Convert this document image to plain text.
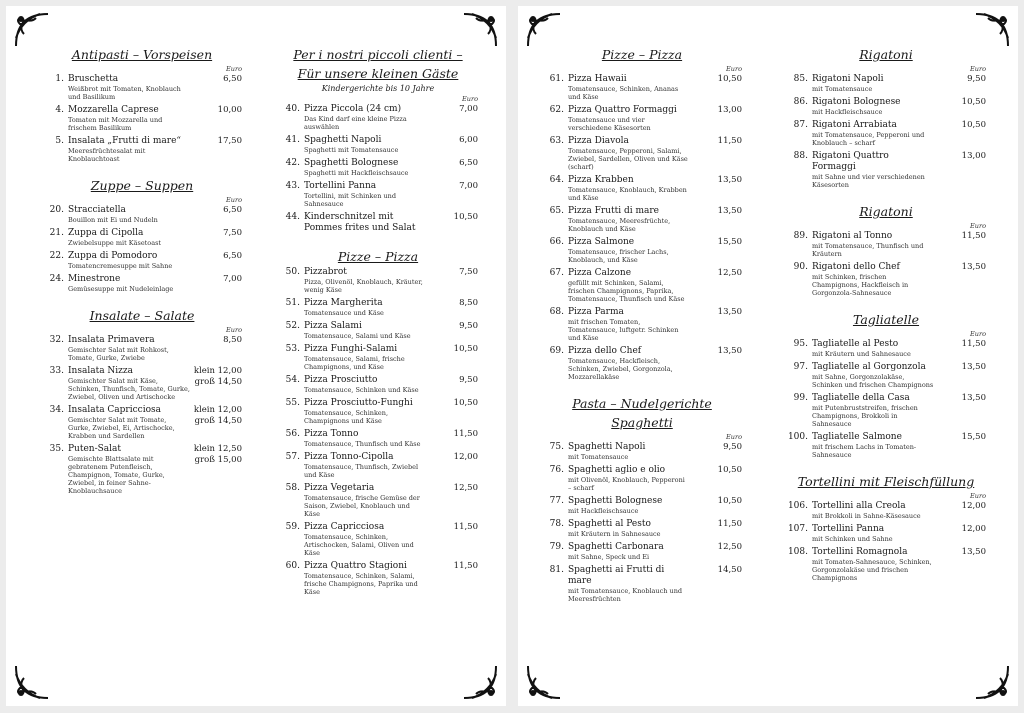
Antipasti – Vorspeisen
Euro
1. Bruschetta	6,50
Weißbrot mit Tomaten, Knoblauch und Basilikum
4. Mozzarella Caprese	10,00
Tomaten mit Mozzarella und frischem Basilikum
5. Insalata „Frutti di mare“	17,50
Meeresfrüchtesalat mit Knoblauchtoast
Zuppe – Suppen
Euro
20. Stracciatella	6,50
Bouillon mit Ei und Nudeln
21. Zuppa di Cipolla	7,50
Zwiebelsuppe mit Käsetoast
22. Zuppa di Pomodoro	6,50
Tomatencremesuppe mit Sahne
24. Minestrone	7,00
Gemüsesuppe mit Nudeleinlage
Insalate – Salate
Euro
32. Insalata Primavera	8,50
Gemischter Salat mit Rohkost, Tomate, Gurke, Zwiebe
33. Insalata Nizza	klein 12,00
groß 14,50
Gemischter Salat mit Käse, Schinken, Thunfisch, Tomate, Gurke, Zwiebel, Oliven und Artischocke
34. Insalata Capricciosa	klein 12,00
groß 14,50
Gemischter Salat mit Tomate, Gurke, Zwiebel, Ei, Artischocke, Krabben und Sardellen
35. Puten-Salat	klein 12,50
groß 15,00
Gemischte Blattsalate mit gebratenem Putenfleisch, Champignon, Tomate, Gurke, Zwiebel, in feiner Sahne-Knoblauchsauce
Per i nostri piccoli clienti –
Für unsere kleinen Gäste
Kindergerichte bis 10 Jahre
Euro
40. Pizza Piccola (24 cm)	7,00
Das Kind darf eine kleine Pizza auswählen
41. Spaghetti Napoli	6,00
Spaghetti mit Tomatensauce
42. Spaghetti Bolognese	6,50
Spaghetti mit Hackfleischsauce
43. Tortellini Panna	7,00
Tortellini, mit Schinken und Sahnesauce
44. Kinderschnitzel mit Pommes frites und Salat
10,50
Pizze – Pizza
50. Pizzabrot	7,50
Pizza, Olivenöl, Knoblauch, Kräuter, wenig Käse
51. Pizza Margherita	8,50
Tomatensauce und Käse
52. Pizza Salami	9,50
Tomatensauce, Salami und Käse
53. Pizza Funghi-Salami	10,50
Tomatensauce, Salami, frische Champignons, und Käse
54. Pizza Prosciutto	9,50
Tomatensauce, Schinken und Käse
55. Pizza Prosciutto-Funghi	10,50
Tomatensauce, Schinken, Champignons und Käse
56. Pizza Tonno	11,50
Tomatensauce, Thunfisch und Käse
57. Pizza Tonno-Cipolla	12,00
Tomatensauce, Thunfisch, Zwiebel und Käse
58. Pizza Vegetaria	12,50
Tomatensauce, frische Gemüse der Saison, Zwiebel, Knoblauch und Käse
59. Pizza Capricciosa	11,50
Tomatensauce, Schinken, Artischocken, Salami, Oliven und Käse
60. Pizza Quattro Stagioni	11,50
Tomatensauce, Schinken, Salami, frische Champignons, Paprika und Käse
Pizze – Pizza
Euro
61. Pizza Hawaii	10,50
Tomatensauce, Schinken, Ananas und Käse
62. Pizza Quattro Formaggi	13,00
Tomatensauce und vier verschiedene Käsesorten
63. Pizza Diavola	11,50
Tomatensauce, Pepperoni, Salami, Zwiebel, Sardellen, Oliven und Käse (scharf)
64. Pizza Krabben	13,50
Tomatensauce, Knoblauch, Krabben und Käse
65. Pizza Frutti di mare	13,50
Tomatensauce, Meeresfrüchte, Knoblauch und Käse
66. Pizza Salmone	15,50
Tomatensauce, frischer Lachs, Knoblauch, und Käse
67. Pizza Calzone	12,50
gefüllt mit Schinken, Salami, frischen Champignons, Paprika, Tomatensauce, Thunfisch und Käse
68. Pizza Parma	13,50
mit frischen Tomaten, Tomatensauce, luftgetr. Schinken und Käse
69. Pizza dello Chef	13,50
Tomatensauce, Hackfleisch, Schinken, Zwiebel, Gorgonzola, Mozzarellakäse
Pasta – Nudelgerichte
Spaghetti
Euro
75. Spaghetti Napoli	9,50
mit Tomatensauce
76. Spaghetti aglio e olio	10,50
mit Olivenöl, Knoblauch, Pepperoni – scharf
77. Spaghetti Bolognese	10,50
mit Hackfleischsauce
78. Spaghetti al Pesto	11,50
mit Kräutern in Sahnesauce
79. Spaghetti Carbonara	12,50
mit Sahne, Speck und Ei
81. Spaghetti ai Frutti di mare
14,50
mit Tomatensauce, Knoblauch und Meeresfrüchten
Rigatoni
Euro
85. Rigatoni Napoli	9,50
mit Tomatensauce
86. Rigatoni Bolognese	10,50
mit Hackfleischsauce
87. Rigatoni Arrabiata	10,50
mit Tomatensauce, Pepperoni und Knoblauch – scharf
88. Rigatoni Quattro Formaggi
13,00
mit Sahne und vier verschiedenen Käsesorten
Rigatoni
Euro
89. Rigatoni al Tonno	11,50
mit Tomatensauce, Thunfisch und Kräutern
90. Rigatoni dello Chef	13,50
mit Schinken, frischen Champignons, Hackfleisch in Gorgonzola-Sahnesauce
Tagliatelle
Euro
95. Tagliatelle al Pesto	11,50
mit Kräutern und Sahnesauce
97. Tagliatelle al Gorgonzola	13,50
mit Sahne, Gorgonzolakäse, Schinken und frischen Champignons
99. Tagliatelle della Casa	13,50
mit Putenbruststreifen, frischen Champignons, Brokkoli in Sahnesauce
100. Tagliatelle Salmone	15,50
mit frischem Lachs in Tomaten-Sahnesauce
Tortellini mit Fleischfüllung
Euro
106. Tortellini alla Creola	12,00
mit Brokkoli in Sahne-Käsesauce
107. Tortellini Panna	12,00
mit Schinken und Sahne
108. Tortellini Romagnola	13,50
mit Tomaten-Sahnesauce, Schinken, Gorgonzolakäse und frischen Champignons
